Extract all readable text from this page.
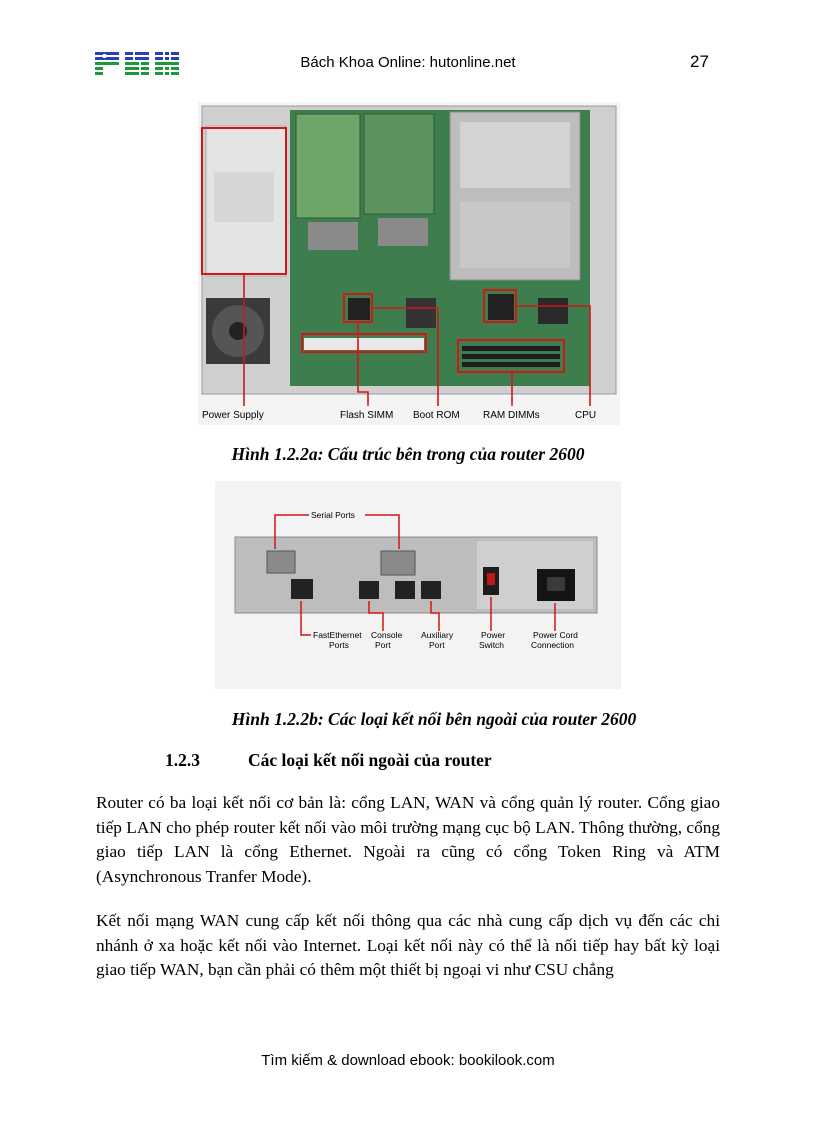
Bách Khoa Online: hutonline.net	27
Power Supply	Flash SIMM Boot ROM RAM DIMMs	CPU
Hình 1.2.2a: Cấu trúc bên trong của router 2600
Serial Ports
FastEthernet
Ports
Console
Port
Auxiliary
Port
Power
Switch
Power Cord
Connection
Hình 1.2.2b: Các loại kết nối bên ngoài của router 2600
1.2.3	Các loại kết nối ngoài của router

Router có ba loại kết nối cơ bản là: cổng LAN, WAN và cổng quản lý router. Cổng giao tiếp LAN cho phép router kết nối vào môi trường mạng cục bộ LAN. Thông thường, cổng giao tiếp LAN là cổng Ethernet. Ngoài ra cũng có cổng Token Ring và ATM (Asynchronous Tranfer Mode).

Kết nối mạng WAN cung cấp kết nối thông qua các nhà cung cấp dịch vụ đến các chi nhánh ở xa hoặc kết nối vào Internet. Loại kết nối này có thể là nối tiếp hay bất kỳ loại giao tiếp WAN, bạn cần phải có thêm một thiết bị ngoại vi như CSU chẳng

Tìm kiếm & download ebook: bookilook.com
